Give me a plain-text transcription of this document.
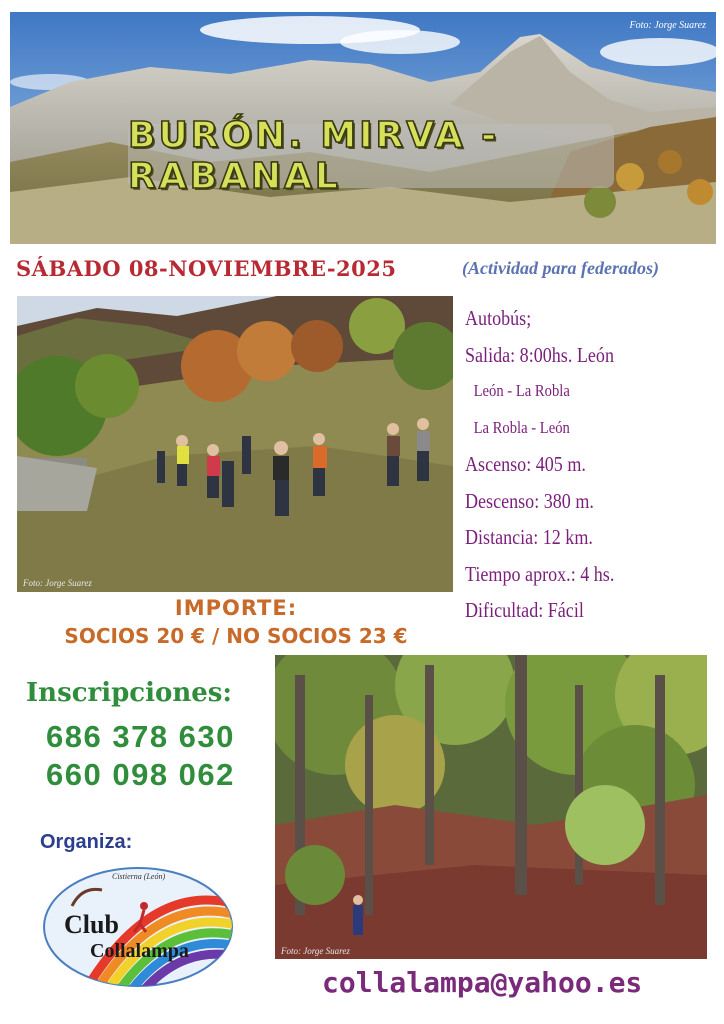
Foto: Jorge Suarez
BURÓN. MIRVA - RABANAL
SÁBADO 08-NOVIEMBRE-2025	(Actividad para federados)
Foto: Jorge Suarez
Autobús;
Salida: 8:00hs. León
León - La Robla
La Robla - León
Ascenso: 405 m.
Descenso: 380 m.
Distancia: 12 km.
Tiempo aprox.: 4 hs.
Dificultad: Fácil
IMPORTE:
SOCIOS 20 € / NO SOCIOS 23 €
Inscripciones:
686 378 630
660 098 062
Organiza:
Cistierna (León)
Club
Collalampa	Foto: Jorge Suarez
collalampa@yahoo.es
